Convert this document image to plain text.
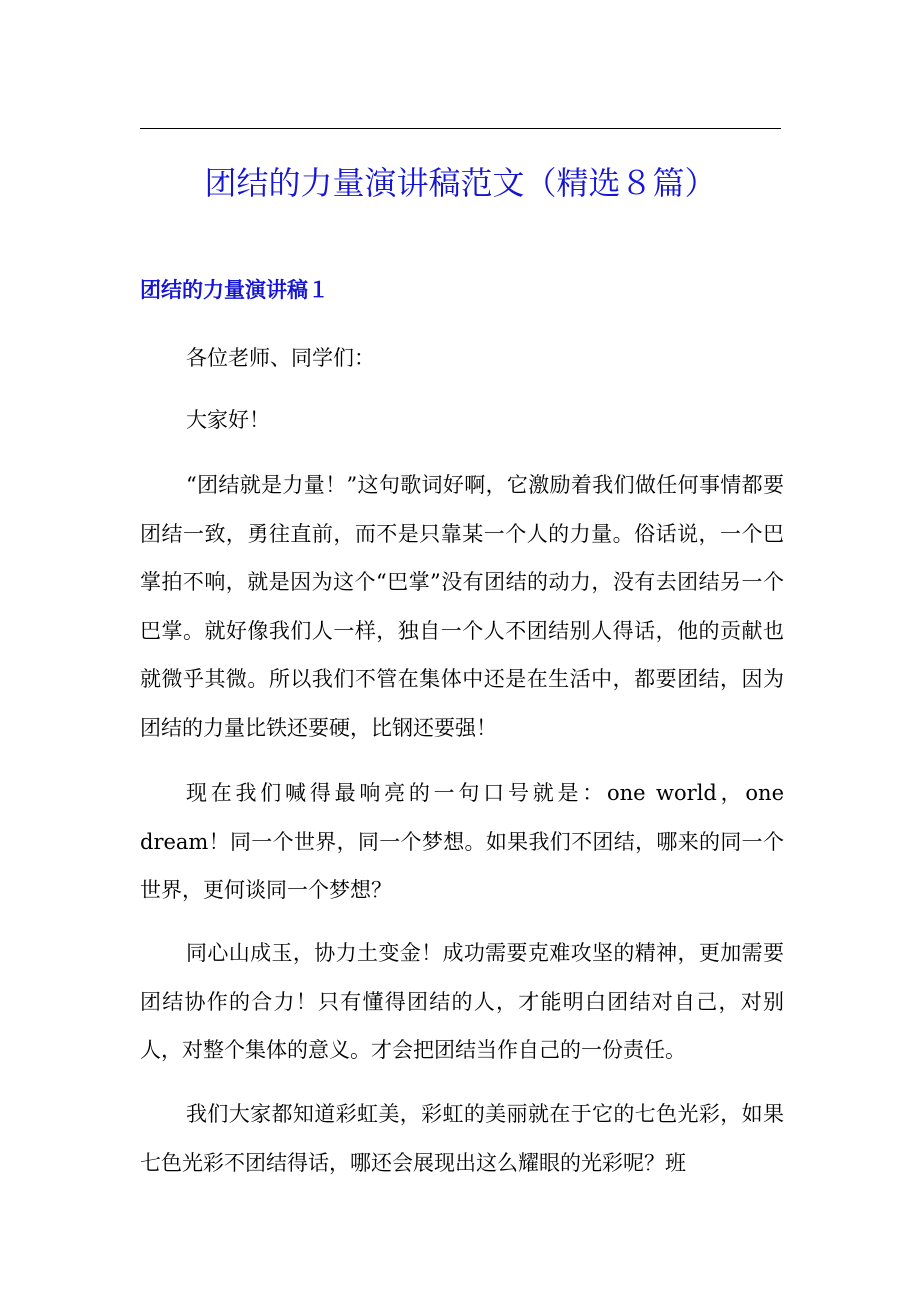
团结的力量演讲稿范文（精选８篇）
团结的力量演讲稿１

各位老师、同学们：

大家好！

“团结就是力量！”这句歌词好啊，它激励着我们做任何事情都要团结一致，勇往直前，而不是只靠某一个人的力量。俗话说，一个巴掌拍不响，就是因为这个“巴掌”没有团结的动力，没有去团结另一个巴掌。就好像我们人一样，独自一个人不团结别人得话，他的贡献也就微乎其微。所以我们不管在集体中还是在生活中，都要团结，因为团结的力量比铁还要硬，比钢还要强！

现在我们喊得最响亮的一句口号就是：one world，one dream！同一个世界，同一个梦想。如果我们不团结，哪来的同一个世界，更何谈同一个梦想？

同心山成玉，协力土变金！成功需要克难攻坚的精神，更加需要团结协作的合力！只有懂得团结的人，才能明白团结对自己，对别人，对整个集体的意义。才会把团结当作自己的一份责任。

我们大家都知道彩虹美，彩虹的美丽就在于它的七色光彩，如果七色光彩不团结得话，哪还会展现出这么耀眼的光彩呢？班
